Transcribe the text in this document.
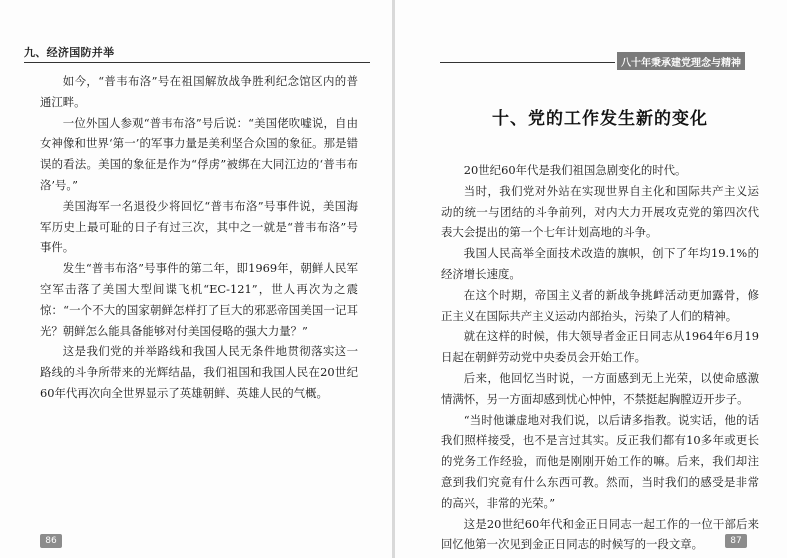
九、经济国防并举

如今，“普韦布洛”号在祖国解放战争胜利纪念馆区内的普通江畔。

一位外国人参观“普韦布洛”号后说：“美国佬吹嘘说，自由女神像和世界‘第一’的军事力量是美利坚合众国的象征。那是错误的看法。美国的象征是作为“俘虏”被绑在大同江边的‘普韦布洛’号。”

美国海军一名退役少将回忆“普韦布洛”号事件说，美国海军历史上最可耻的日子有过三次，其中之一就是“普韦布洛”号事件。

发生“普韦布洛”号事件的第二年，即1969年，朝鲜人民军空军击落了美国大型间谍飞机“EC-121”，世人再次为之震惊：“一个不大的国家朝鲜怎样打了巨大的邪恶帝国美国一记耳光？朝鲜怎么能具备能够对付美国侵略的强大力量？”

这是我们党的并举路线和我国人民无条件地贯彻落实这一路线的斗争所带来的光辉结晶，我们祖国和我国人民在20世纪60年代再次向全世界显示了英雄朝鲜、英雄人民的气概。

86
八十年秉承建党理念与精神
十、党的工作发生新的变化

20世纪60年代是我们祖国急剧变化的时代。

当时，我们党对外站在实现世界自主化和国际共产主义运动的统一与团结的斗争前列，对内大力开展攻克党的第四次代表大会提出的第一个七年计划高地的斗争。

我国人民高举全面技术改造的旗帜，创下了年均19.1%的经济增长速度。

在这个时期，帝国主义者的新战争挑衅活动更加露骨，修正主义在国际共产主义运动内部抬头，污染了人们的精神。

就在这样的时候，伟大领导者金正日同志从1964年6月19日起在朝鲜劳动党中央委员会开始工作。

后来，他回忆当时说，一方面感到无上光荣，以使命感激情满怀，另一方面却感到忧心忡忡，不禁挺起胸膛迈开步子。

“当时他谦虚地对我们说，以后请多指教。说实话，他的话我们照样接受，也不是言过其实。反正我们都有10多年或更长的党务工作经验，而他是刚刚开始工作的嘛。后来，我们却注意到我们究竟有什么东西可教。然而，当时我们的感受是非常的高兴，非常的光荣。”

这是20世纪60年代和金正日同志一起工作的一位干部后来回忆他第一次见到金正日同志的时候写的一段文章。	87
